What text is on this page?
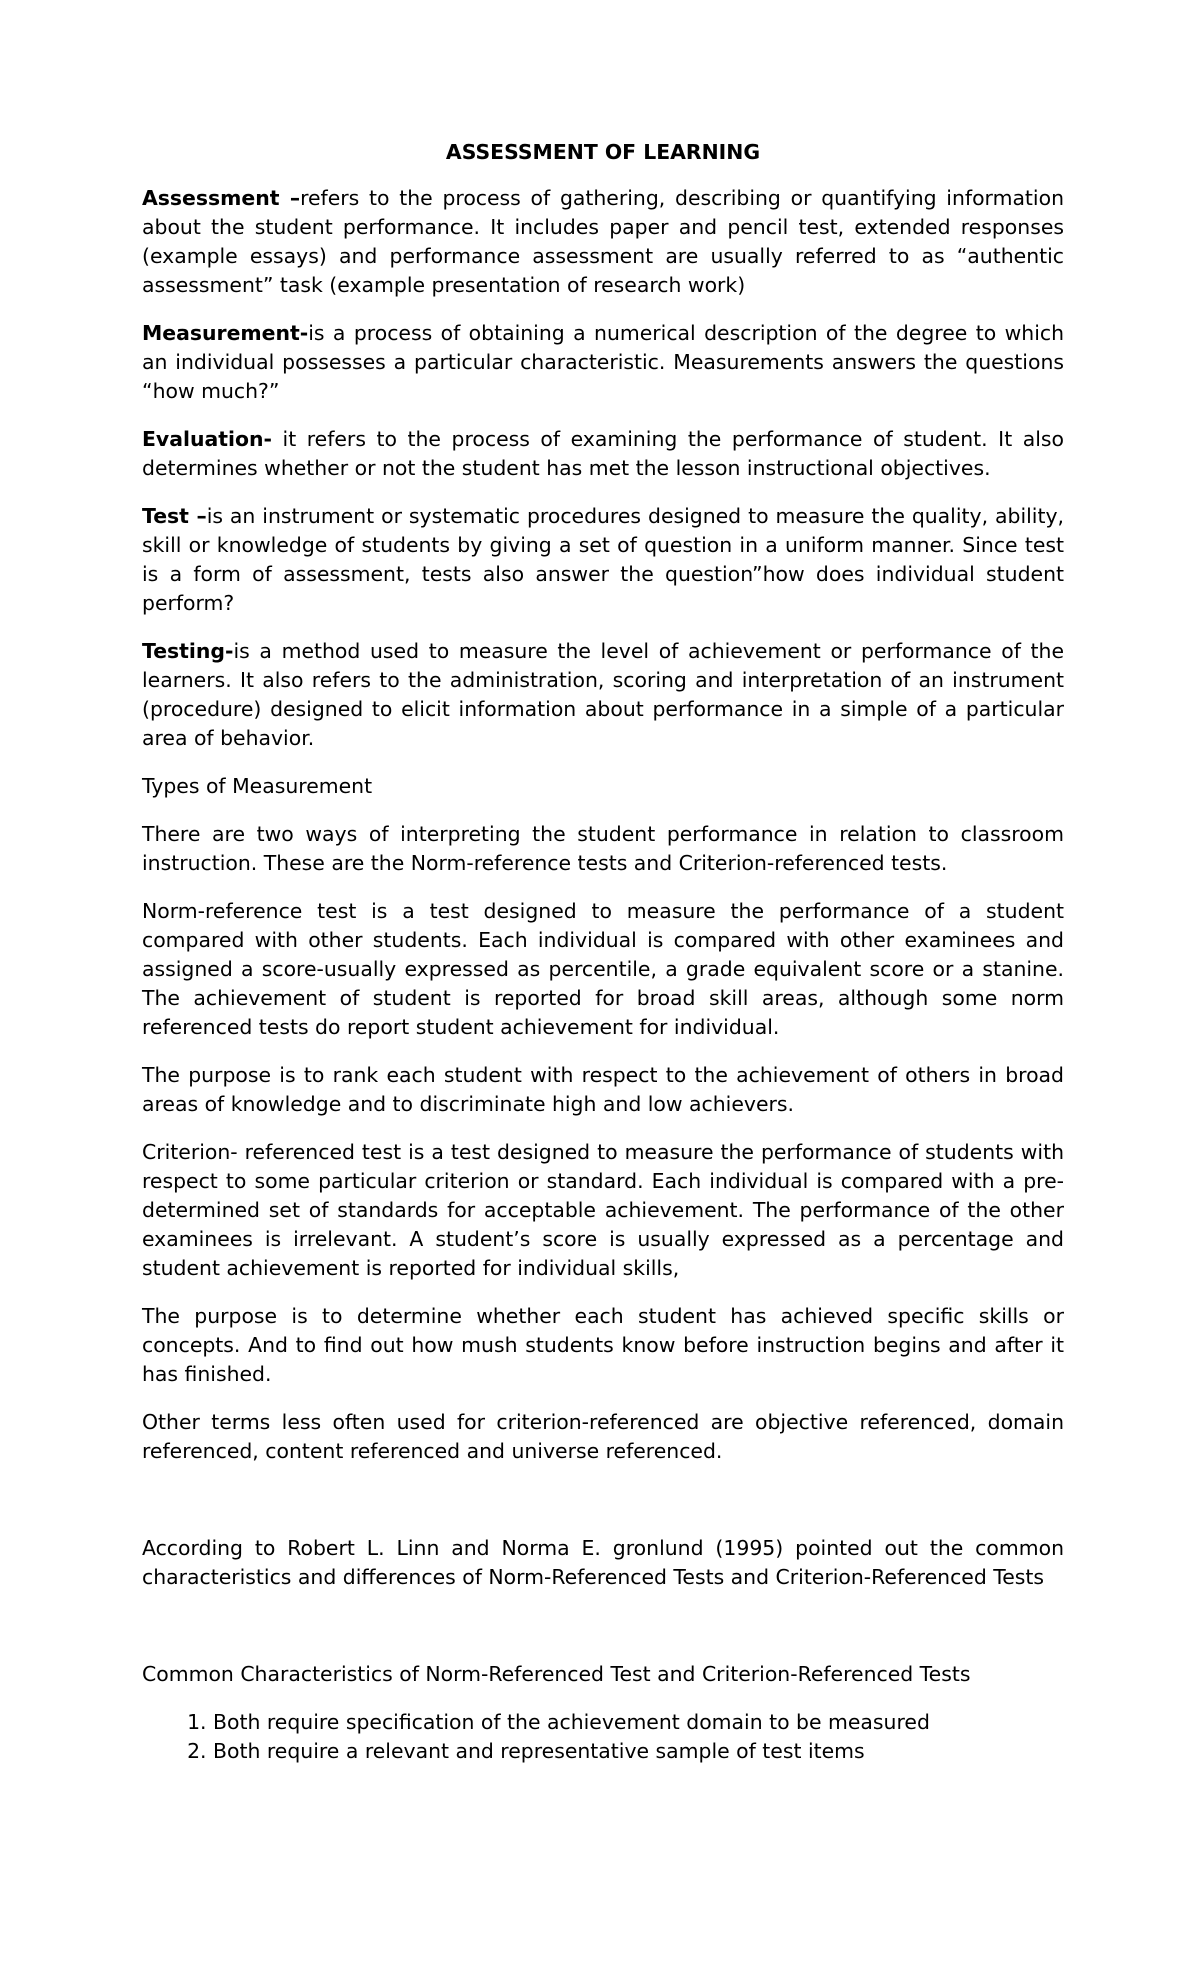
ASSESSMENT OF LEARNING

Assessment –refers to the process of gathering, describing or quantifying information about the student performance. It includes paper and pencil test, extended responses (example essays) and performance assessment are usually referred to as “authentic assessment” task (example presentation of research work)

Measurement-is a process of obtaining a numerical description of the degree to which an individual possesses a particular characteristic. Measurements answers the questions “how much?”

Evaluation- it refers to the process of examining the performance of student. It also determines whether or not the student has met the lesson instructional objectives.

Test –is an instrument or systematic procedures designed to measure the quality, ability, skill or knowledge of students by giving a set of question in a uniform manner. Since test is a form of assessment, tests also answer the question”how does individual student perform?

Testing-is a method used to measure the level of achievement or performance of the learners. It also refers to the administration, scoring and interpretation of an instrument (procedure) designed to elicit information about performance in a simple of a particular area of behavior.

Types of Measurement

There are two ways of interpreting the student performance in relation to classroom instruction. These are the Norm-reference tests and Criterion-referenced tests.

Norm-reference test is a test designed to measure the performance of a student compared with other students. Each individual is compared with other examinees and assigned a score-usually expressed as percentile, a grade equivalent score or a stanine. The achievement of student is reported for broad skill areas, although some norm referenced tests do report student achievement for individual.

The purpose is to rank each student with respect to the achievement of others in broad areas of knowledge and to discriminate high and low achievers.

Criterion- referenced test is a test designed to measure the performance of students with respect to some particular criterion or standard. Each individual is compared with a pre-determined set of standards for acceptable achievement. The performance of the other examinees is irrelevant. A student’s score is usually expressed as a percentage and student achievement is reported for individual skills,

The purpose is to determine whether each student has achieved specific skills or concepts. And to find out how mush students know before instruction begins and after it has finished.

Other terms less often used for criterion-referenced are objective referenced, domain referenced, content referenced and universe referenced.

According to Robert L. Linn and Norma E. gronlund (1995) pointed out the common characteristics and differences of Norm-Referenced Tests and Criterion-Referenced Tests

Common Characteristics of Norm-Referenced Test and Criterion-Referenced Tests

1. Both require specification of the achievement domain to be measured
2. Both require a relevant and representative sample of test items
